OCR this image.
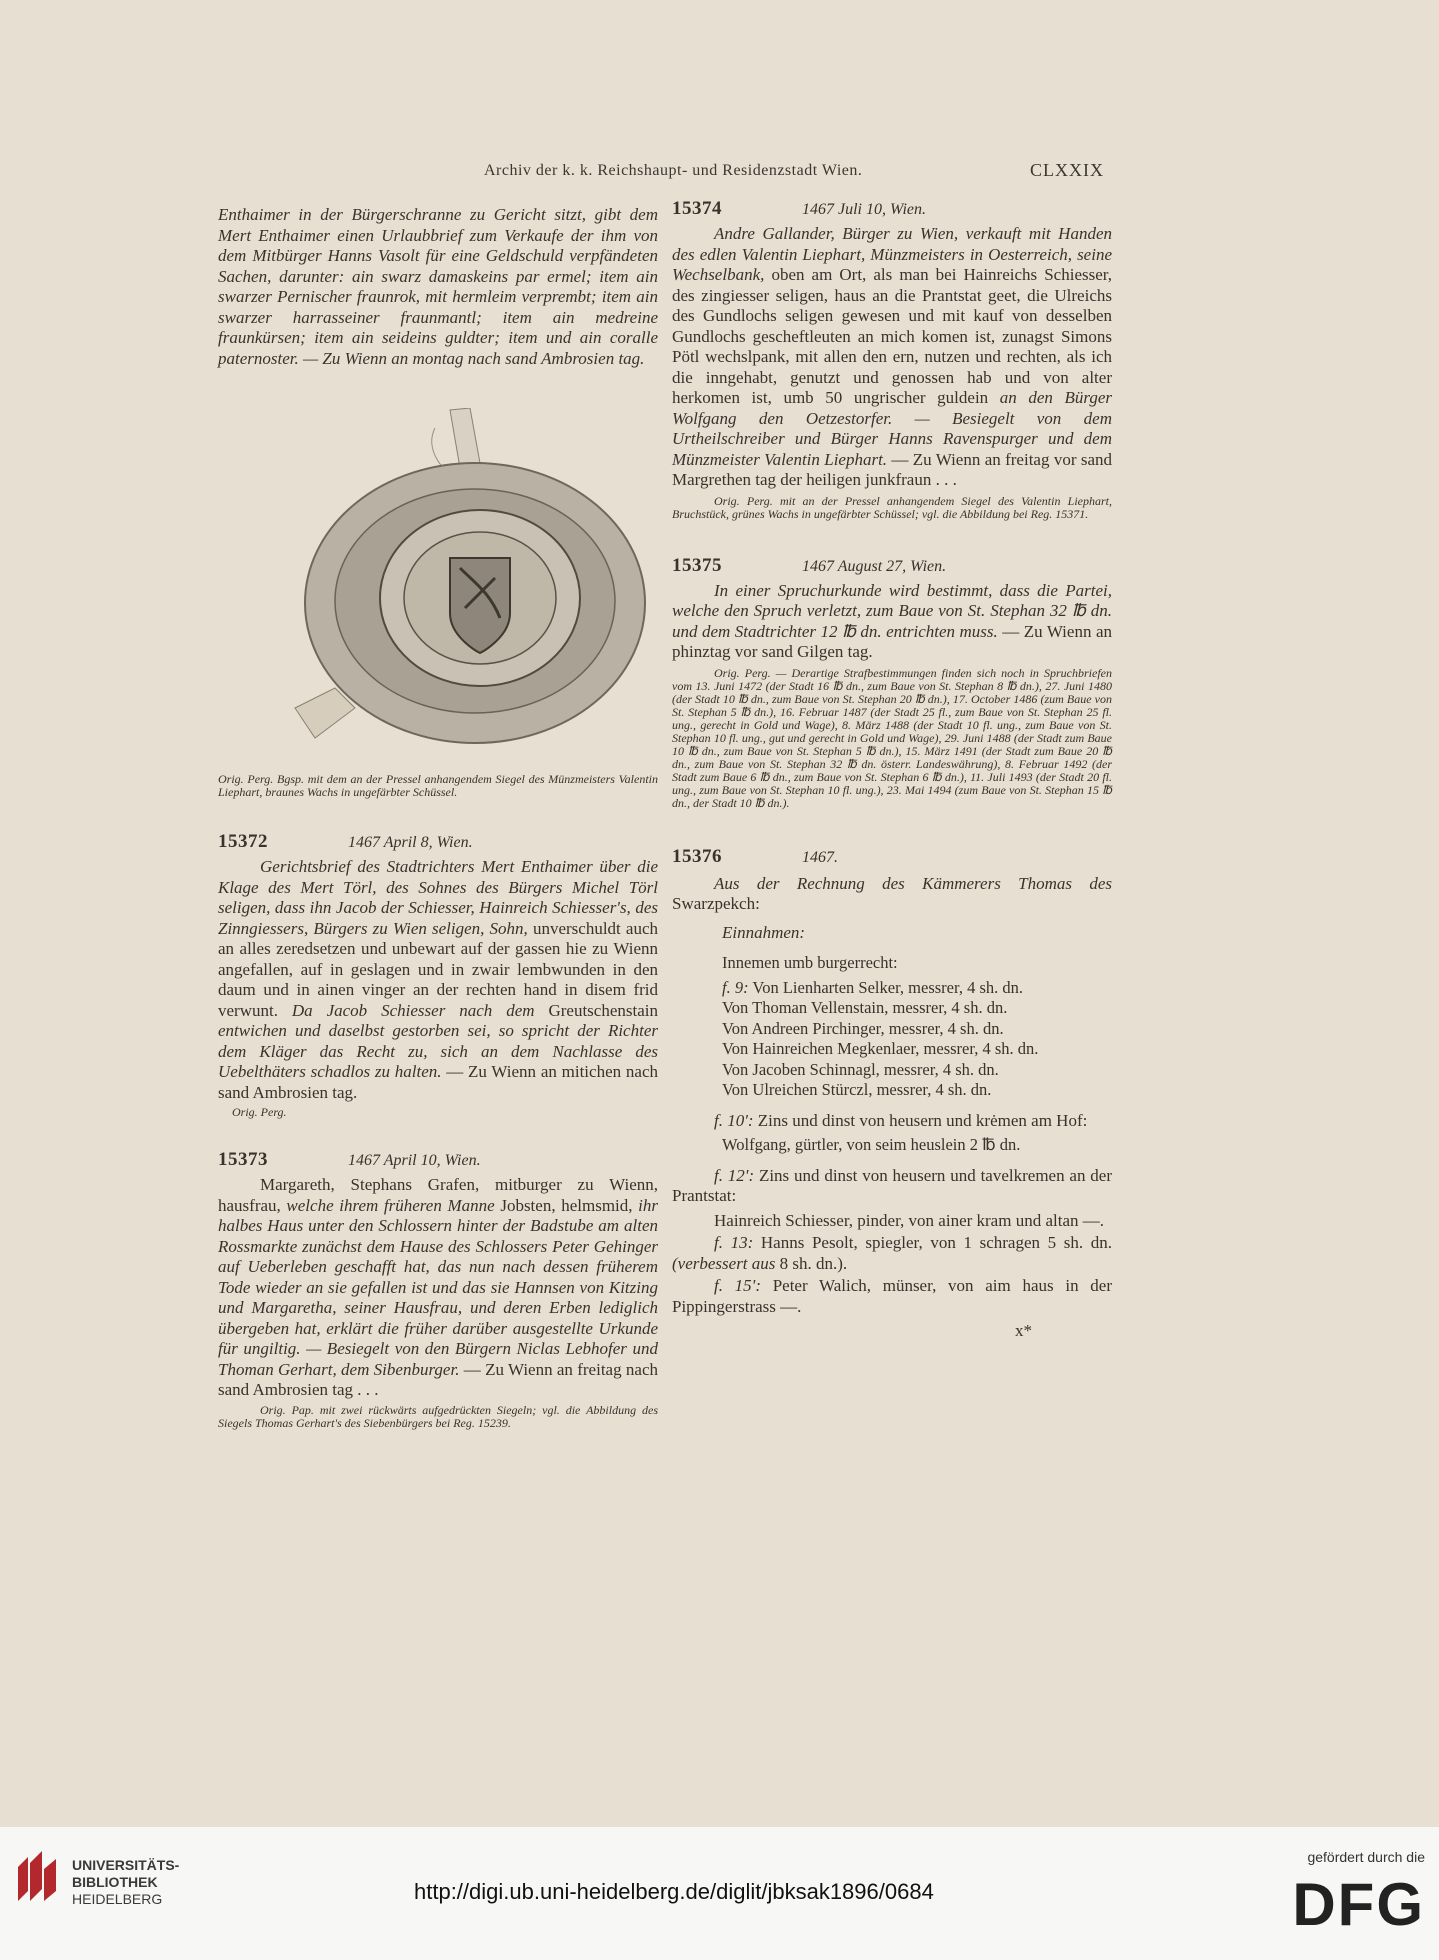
Archiv der k. k. Reichshaupt- und Residenzstadt Wien.	CLXXIX

Enthaimer in der Bürgerschranne zu Gericht sitzt, gibt dem Mert Enthaimer einen Urlaubbrief zum Verkaufe der ihm von dem Mitbürger Hanns Vasolt für eine Geldschuld verpfändeten Sachen, darunter: ain swarz damaskeins par ermel; item ain swarzer Pernischer fraunrok, mit hermleim verprembt; item ain swarzer harrasseiner fraunmantl; item ain medreine fraunkürsen; item ain seideins guldter; item und ain coralle paternoster. — Zu Wienn an montag nach sand Ambrosien tag.

Orig. Perg. Bgsp. mit dem an der Pressel anhangendem Siegel des Münzmeisters Valentin Liephart, braunes Wachs in ungefärbter Schüssel.

15372	1467 April 8, Wien.

Gerichtsbrief des Stadtrichters Mert Enthaimer über die Klage des Mert Törl, des Sohnes des Bürgers Michel Törl seligen, dass ihn Jacob der Schiesser, Hainreich Schiesser's, des Zinngiessers, Bürgers zu Wien seligen, Sohn, unverschuldt auch an alles zeredsetzen und unbewart auf der gassen hie zu Wienn angefallen, auf in geslagen und in zwair lembwunden in den daum und in ainen vinger an der rechten hand in disem frid verwunt. Da Jacob Schiesser nach dem Greutschenstain entwichen und daselbst gestorben sei, so spricht der Richter dem Kläger das Recht zu, sich an dem Nachlasse des Uebelthäters schadlos zu halten. — Zu Wienn an mitichen nach sand Ambrosien tag.

Orig. Perg.

15373	1467 April 10, Wien.

Margareth, Stephans Grafen, mitburger zu Wienn, hausfrau, welche ihrem früheren Manne Jobsten, helmsmid, ihr halbes Haus unter den Schlossern hinter der Badstube am alten Rossmarkte zunächst dem Hause des Schlossers Peter Gehinger auf Ueberleben geschafft hat, das nun nach dessen früherem Tode wieder an sie gefallen ist und das sie Hannsen von Kitzing und Margaretha, seiner Hausfrau, und deren Erben lediglich übergeben hat, erklärt die früher darüber ausgestellte Urkunde für ungiltig. — Besiegelt von den Bürgern Niclas Lebhofer und Thoman Gerhart, dem Sibenburger. — Zu Wienn an freitag nach sand Ambrosien tag . . .

Orig. Pap. mit zwei rückwärts aufgedrückten Siegeln; vgl. die Abbildung des Siegels Thomas Gerhart's des Siebenbürgers bei Reg. 15239.

15374	1467 Juli 10, Wien.

Andre Gallander, Bürger zu Wien, verkauft mit Handen des edlen Valentin Liephart, Münzmeisters in Oesterreich, seine Wechselbank, oben am Ort, als man bei Hainreichs Schiesser, des zingiesser seligen, haus an die Prantstat geet, die Ulreichs des Gundlochs seligen gewesen und mit kauf von desselben Gundlochs gescheftleuten an mich komen ist, zunagst Simons Pötl wechslpank, mit allen den ern, nutzen und rechten, als ich die inngehabt, genutzt und genossen hab und von alter herkomen ist, umb 50 ungrischer guldein an den Bürger Wolfgang den Oetzestorfer. — Besiegelt von dem Urtheilschreiber und Bürger Hanns Ravenspurger und dem Münzmeister Valentin Liephart. — Zu Wienn an freitag vor sand Margrethen tag der heiligen junkfraun . . .

Orig. Perg. mit an der Pressel anhangendem Siegel des Valentin Liephart, Bruchstück, grünes Wachs in ungefärbter Schüssel; vgl. die Abbildung bei Reg. 15371.

15375	1467 August 27, Wien.

In einer Spruchurkunde wird bestimmt, dass die Partei, welche den Spruch verletzt, zum Baue von St. Stephan 32 ℔ dn. und dem Stadtrichter 12 ℔ dn. entrichten muss. — Zu Wienn an phinztag vor sand Gilgen tag.

Orig. Perg. — Derartige Strafbestimmungen finden sich noch in Spruchbriefen vom 13. Juni 1472 (der Stadt 16 ℔ dn., zum Baue von St. Stephan 8 ℔ dn.), 27. Juni 1480 (der Stadt 10 ℔ dn., zum Baue von St. Stephan 20 ℔ dn.), 17. October 1486 (zum Baue von St. Stephan 5 ℔ dn.), 16. Februar 1487 (der Stadt 25 fl., zum Baue von St. Stephan 25 fl. ung., gerecht in Gold und Wage), 8. März 1488 (der Stadt 10 fl. ung., zum Baue von St. Stephan 10 fl. ung., gut und gerecht in Gold und Wage), 29. Juni 1488 (der Stadt zum Baue 10 ℔ dn., zum Baue von St. Stephan 5 ℔ dn.), 15. März 1491 (der Stadt zum Baue 20 ℔ dn., zum Baue von St. Stephan 32 ℔ dn. österr. Landeswährung), 8. Februar 1492 (der Stadt zum Baue 6 ℔ dn., zum Baue von St. Stephan 6 ℔ dn.), 11. Juli 1493 (der Stadt 20 fl. ung., zum Baue von St. Stephan 10 fl. ung.), 23. Mai 1494 (zum Baue von St. Stephan 15 ℔ dn., der Stadt 10 ℔ dn.).

15376	1467.

Aus der Rechnung des Kämmerers Thomas des Swarzpekch:

Einnahmen:

Innemen umb burgerrecht:

f. 9: Von Lienharten Selker, messrer, 4 sh. dn.

Von Thoman Vellenstain, messrer, 4 sh. dn.

Von Andreen Pirchinger, messrer, 4 sh. dn.

Von Hainreichen Megkenlaer, messrer, 4 sh. dn.

Von Jacoben Schinnagl, messrer, 4 sh. dn.

Von Ulreichen Stürczl, messrer, 4 sh. dn.

f. 10': Zins und dinst von heusern und krėmen am Hof:

Wolfgang, gürtler, von seim heuslein 2 ℔ dn.

f. 12': Zins und dinst von heusern und tavelkremen an der Prantstat:

Hainreich Schiesser, pinder, von ainer kram und altan —.

f. 13: Hanns Pesolt, spiegler, von 1 schragen 5 sh. dn. (verbessert aus 8 sh. dn.).

f. 15': Peter Walich, münser, von aim haus in der Pippingerstrass —.

x*

UNIVERSITÄTS-
BIBLIOTHEK
HEIDELBERG	http://digi.ub.uni-heidelberg.de/diglit/jbksak1896/0684
gefördert durch die
DFG
